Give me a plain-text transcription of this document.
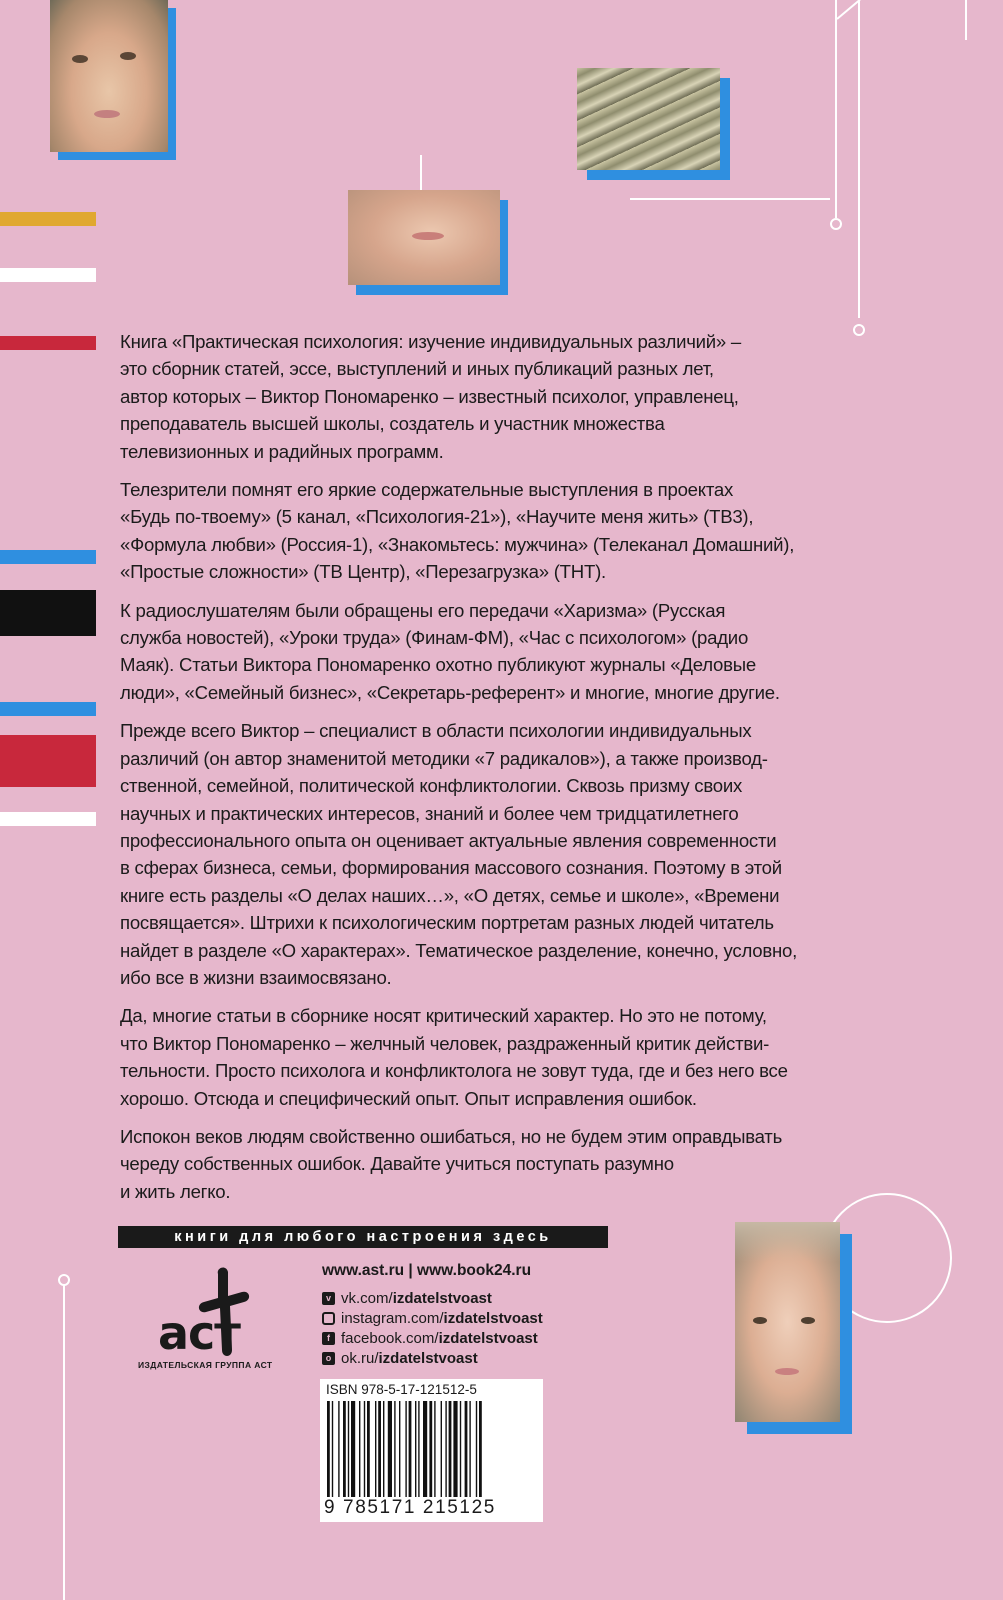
Книга «Практическая психология: изучение индивидуальных различий» –
это сборник статей, эссе, выступлений и иных публикаций разных лет,
автор которых – Виктор Пономаренко – известный психолог, управленец,
преподаватель высшей школы, создатель и участник множества
телевизионных и радийных программ.

Телезрители помнят его яркие содержательные выступления в проектах
«Будь по-твоему» (5 канал, «Психология-21»), «Научите меня жить» (ТВ3),
«Формула любви» (Россия-1), «Знакомьтесь: мужчина» (Телеканал Домашний),
«Простые сложности» (ТВ Центр), «Перезагрузка» (ТНТ).

К радиослушателям были обращены его передачи «Харизма» (Русская
служба новостей), «Уроки труда» (Финам-ФМ), «Час с психологом» (радио
Маяк). Статьи Виктора Пономаренко охотно публикуют журналы «Деловые
люди», «Семейный бизнес», «Секретарь-референт» и многие, многие другие.

Прежде всего Виктор – специалист в области психологии индивидуальных
различий (он автор знаменитой методики «7 радикалов»), а также производ-
ственной, семейной, политической конфликтологии. Сквозь призму своих
научных и практических интересов, знаний и более чем тридцатилетнего
профессионального опыта он оценивает актуальные явления современности
в сферах бизнеса, семьи, формирования массового сознания. Поэтому в этой
книге есть разделы «О делах наших…», «О детях, семье и школе», «Времени
посвящается». Штрихи к психологическим портретам разных людей читатель
найдет в разделе «О характерах». Тематическое разделение, конечно, условно,
ибо все в жизни взаимосвязано.

Да, многие статьи в сборнике носят критический характер. Но это не потому,
что Виктор Пономаренко – желчный человек, раздраженный критик действи-
тельности. Просто психолога и конфликтолога не зовут туда, где и без него все
хорошо. Отсюда и специфический опыт. Опыт исправления ошибок.

Испокон веков людям свойственно ошибаться, но не будем этим оправдывать
череду собственных ошибок. Давайте учиться поступать разумно
и жить легко.

книги для любого настроения здесь
аст
ИЗДАТЕЛЬСКАЯ ГРУППА АСТ
www.ast.ru | www.book24.ru
v vk.com/ izdatelstvoast
instagram.com/ izdatelstvoast
f facebook.com/ izdatelstvoast
o ok.ru/ izdatelstvoast
ISBN 978-5-17-121512-5
9 785171 215125
